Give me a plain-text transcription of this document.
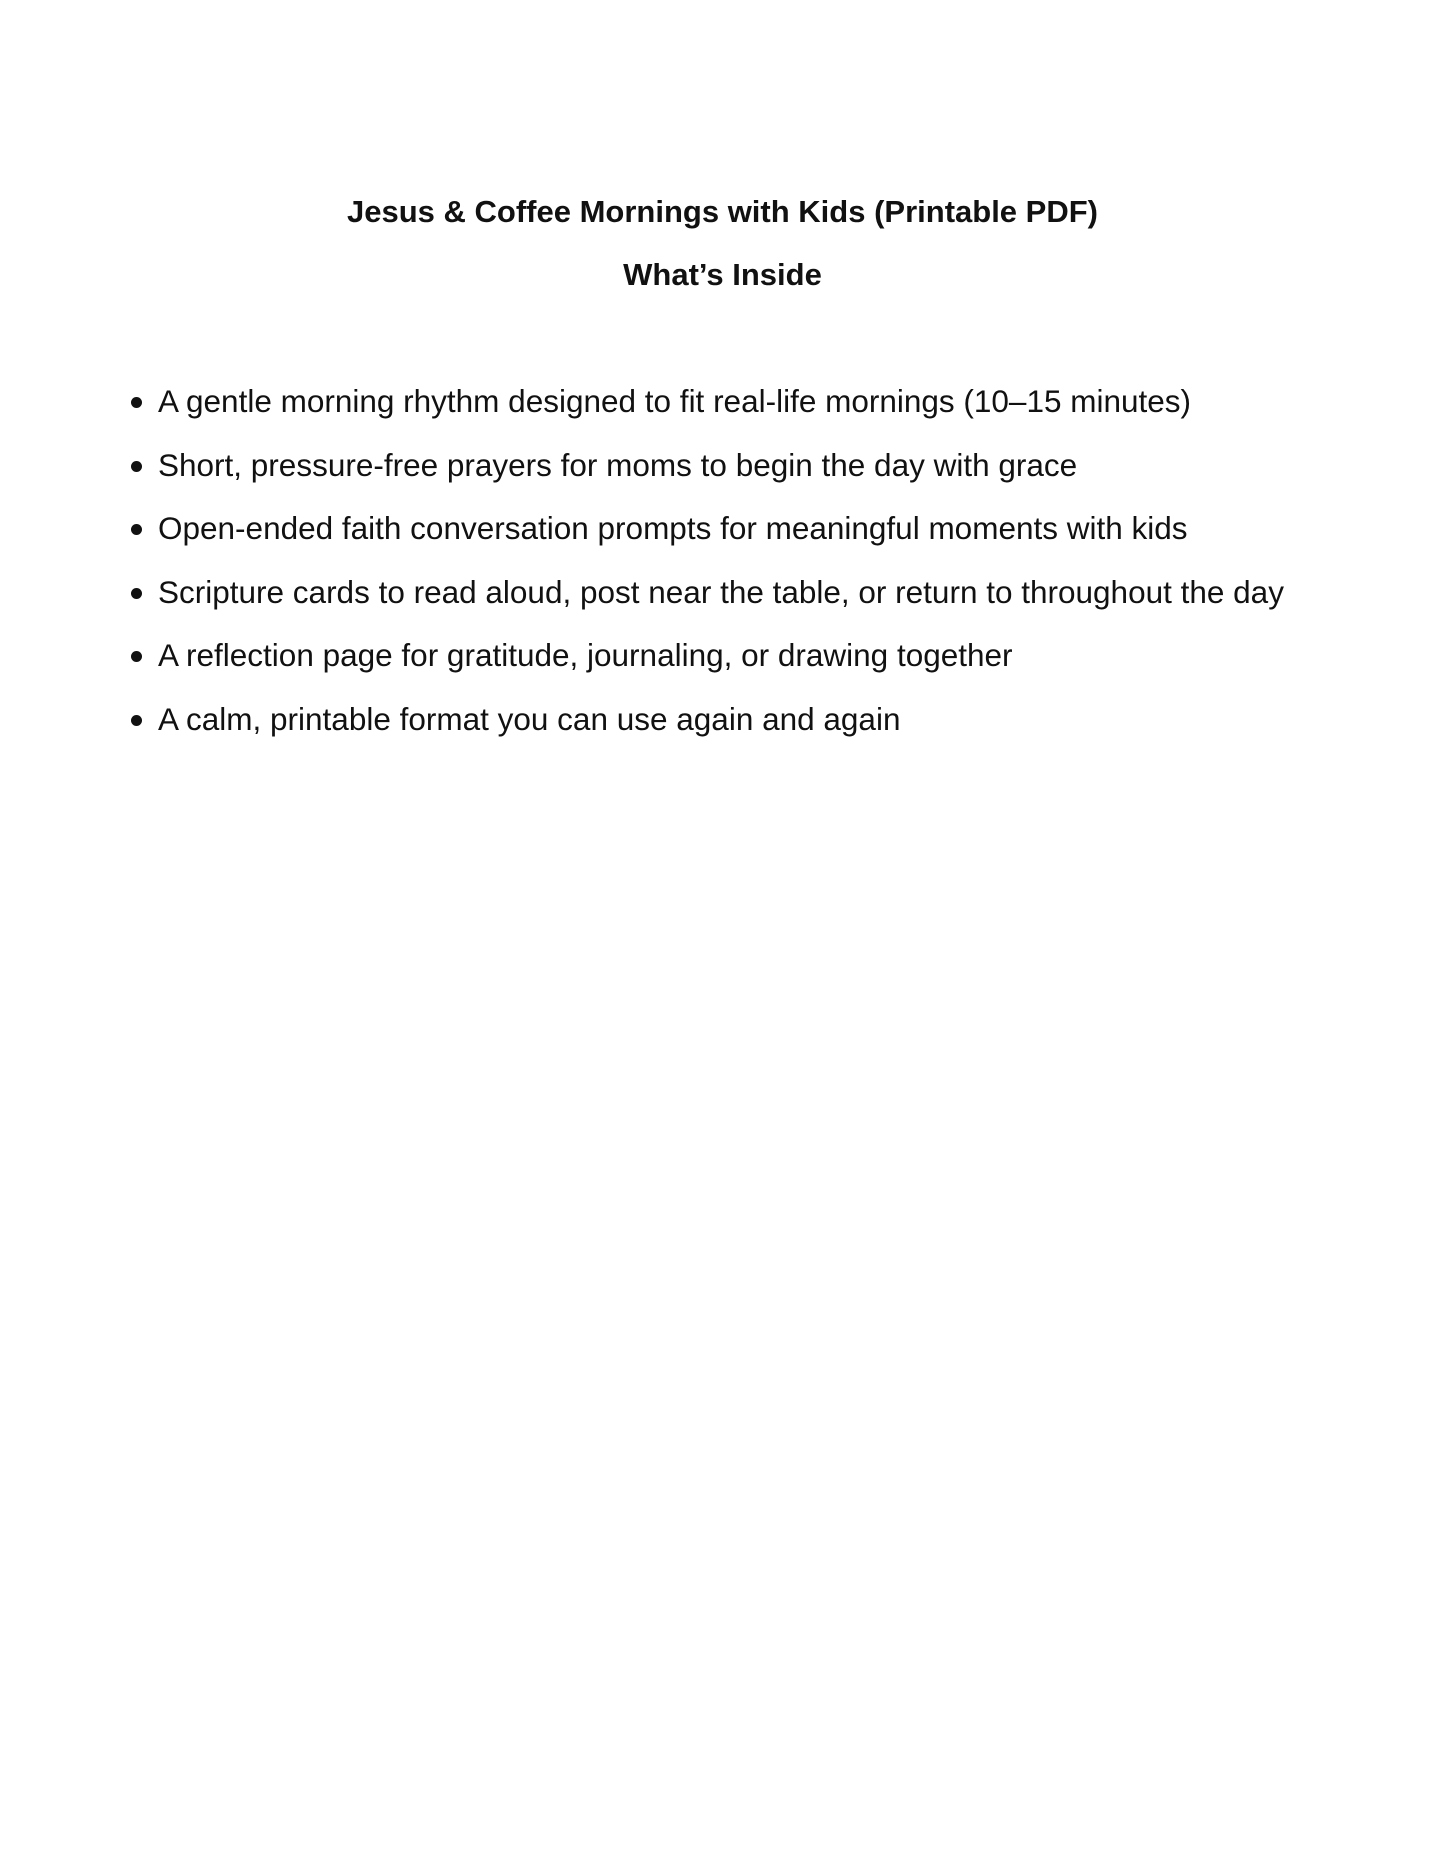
Jesus & Coffee Mornings with Kids (Printable PDF)
What’s Inside
A gentle morning rhythm designed to fit real-life mornings (10–15 minutes)
Short, pressure-free prayers for moms to begin the day with grace
Open-ended faith conversation prompts for meaningful moments with kids
Scripture cards to read aloud, post near the table, or return to throughout the day
A reflection page for gratitude, journaling, or drawing together
A calm, printable format you can use again and again
